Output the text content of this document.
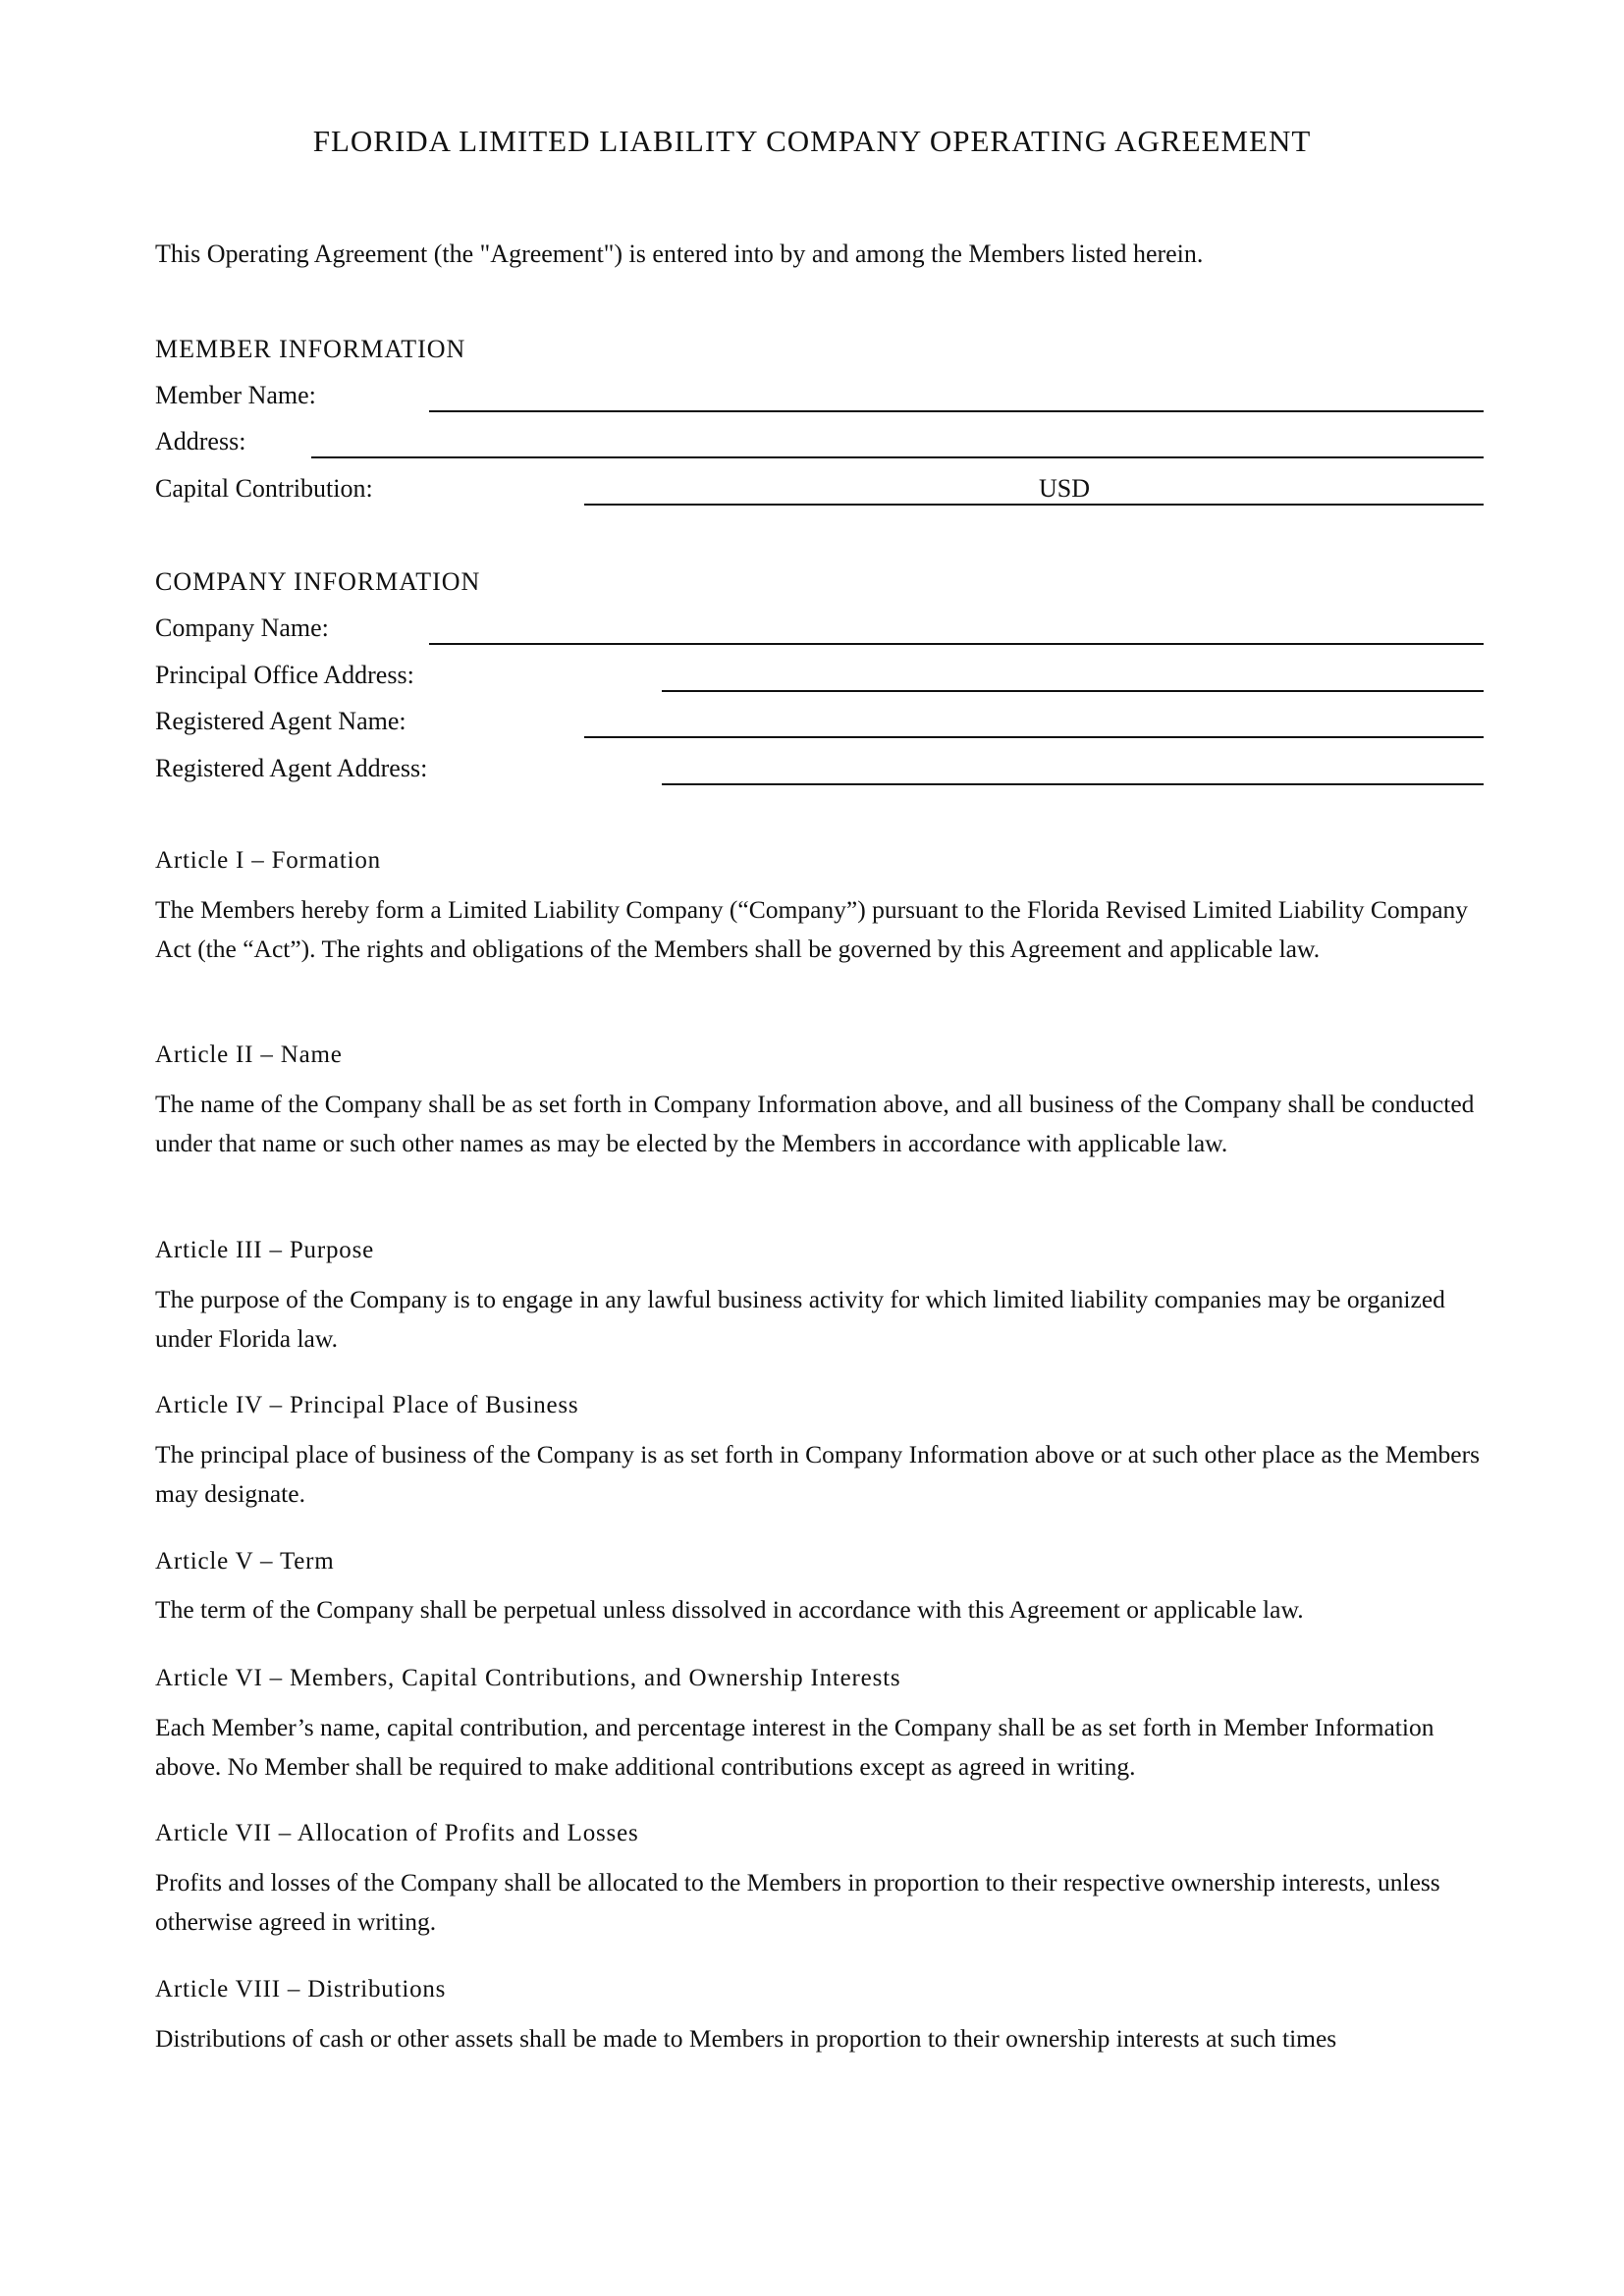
FLORIDA LIMITED LIABILITY COMPANY OPERATING AGREEMENT
This Operating Agreement (the "Agreement") is entered into by and among the Members listed herein.
MEMBER INFORMATION
Member Name:
Address:
Capital Contribution:	USD
COMPANY INFORMATION
Company Name:
Principal Office Address:
Registered Agent Name:
Registered Agent Address:
Article I – Formation
The Members hereby form a Limited Liability Company (“Company”) pursuant to the Florida Revised Limited Liability Company Act (the “Act”). The rights and obligations of the Members shall be governed by this Agreement and applicable law.
Article II – Name
The name of the Company shall be as set forth in Company Information above, and all business of the Company shall be conducted under that name or such other names as may be elected by the Members in accordance with applicable law.
Article III – Purpose
The purpose of the Company is to engage in any lawful business activity for which limited liability companies may be organized under Florida law.
Article IV – Principal Place of Business
The principal place of business of the Company is as set forth in Company Information above or at such other place as the Members may designate.
Article V – Term
The term of the Company shall be perpetual unless dissolved in accordance with this Agreement or applicable law.
Article VI – Members, Capital Contributions, and Ownership Interests
Each Member’s name, capital contribution, and percentage interest in the Company shall be as set forth in Member Information above. No Member shall be required to make additional contributions except as agreed in writing.
Article VII – Allocation of Profits and Losses
Profits and losses of the Company shall be allocated to the Members in proportion to their respective ownership interests, unless otherwise agreed in writing.
Article VIII – Distributions
Distributions of cash or other assets shall be made to Members in proportion to their ownership interests at such times
